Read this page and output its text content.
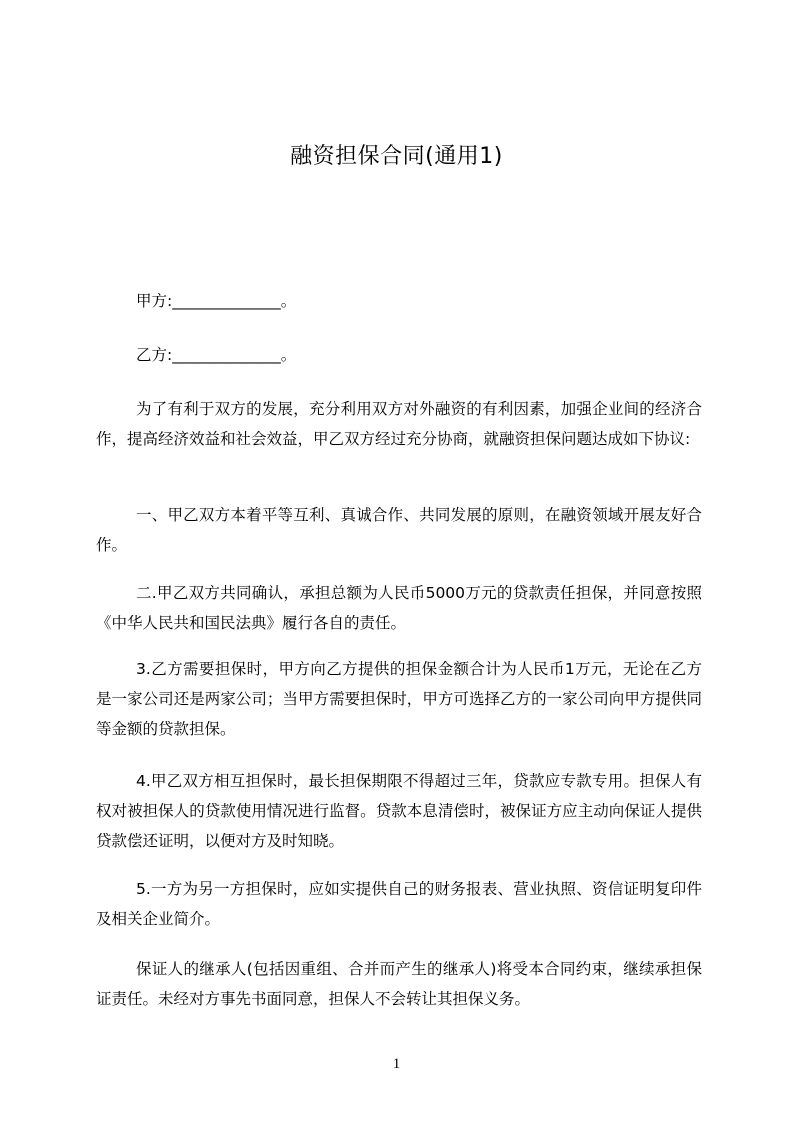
融资担保合同(通用1)

甲方:______________。

乙方:______________。

为了有利于双方的发展，充分利用双方对外融资的有利因素，加强企业间的经济合作，提高经济效益和社会效益，甲乙双方经过充分协商，就融资担保问题达成如下协议:

一、甲乙双方本着平等互利、真诚合作、共同发展的原则，在融资领域开展友好合作。

二.甲乙双方共同确认，承担总额为人民币5000万元的贷款责任担保，并同意按照《中华人民共和国民法典》履行各自的责任。

3.乙方需要担保时，甲方向乙方提供的担保金额合计为人民币1万元，无论在乙方是一家公司还是两家公司；当甲方需要担保时，甲方可选择乙方的一家公司向甲方提供同等金额的贷款担保。

4.甲乙双方相互担保时，最长担保期限不得超过三年，贷款应专款专用。担保人有权对被担保人的贷款使用情况进行监督。贷款本息清偿时，被保证方应主动向保证人提供贷款偿还证明，以便对方及时知晓。

5.一方为另一方担保时，应如实提供自己的财务报表、营业执照、资信证明复印件及相关企业简介。

保证人的继承人(包括因重组、合并而产生的继承人)将受本合同约束，继续承担保证责任。未经对方事先书面同意，担保人不会转让其担保义务。

1
